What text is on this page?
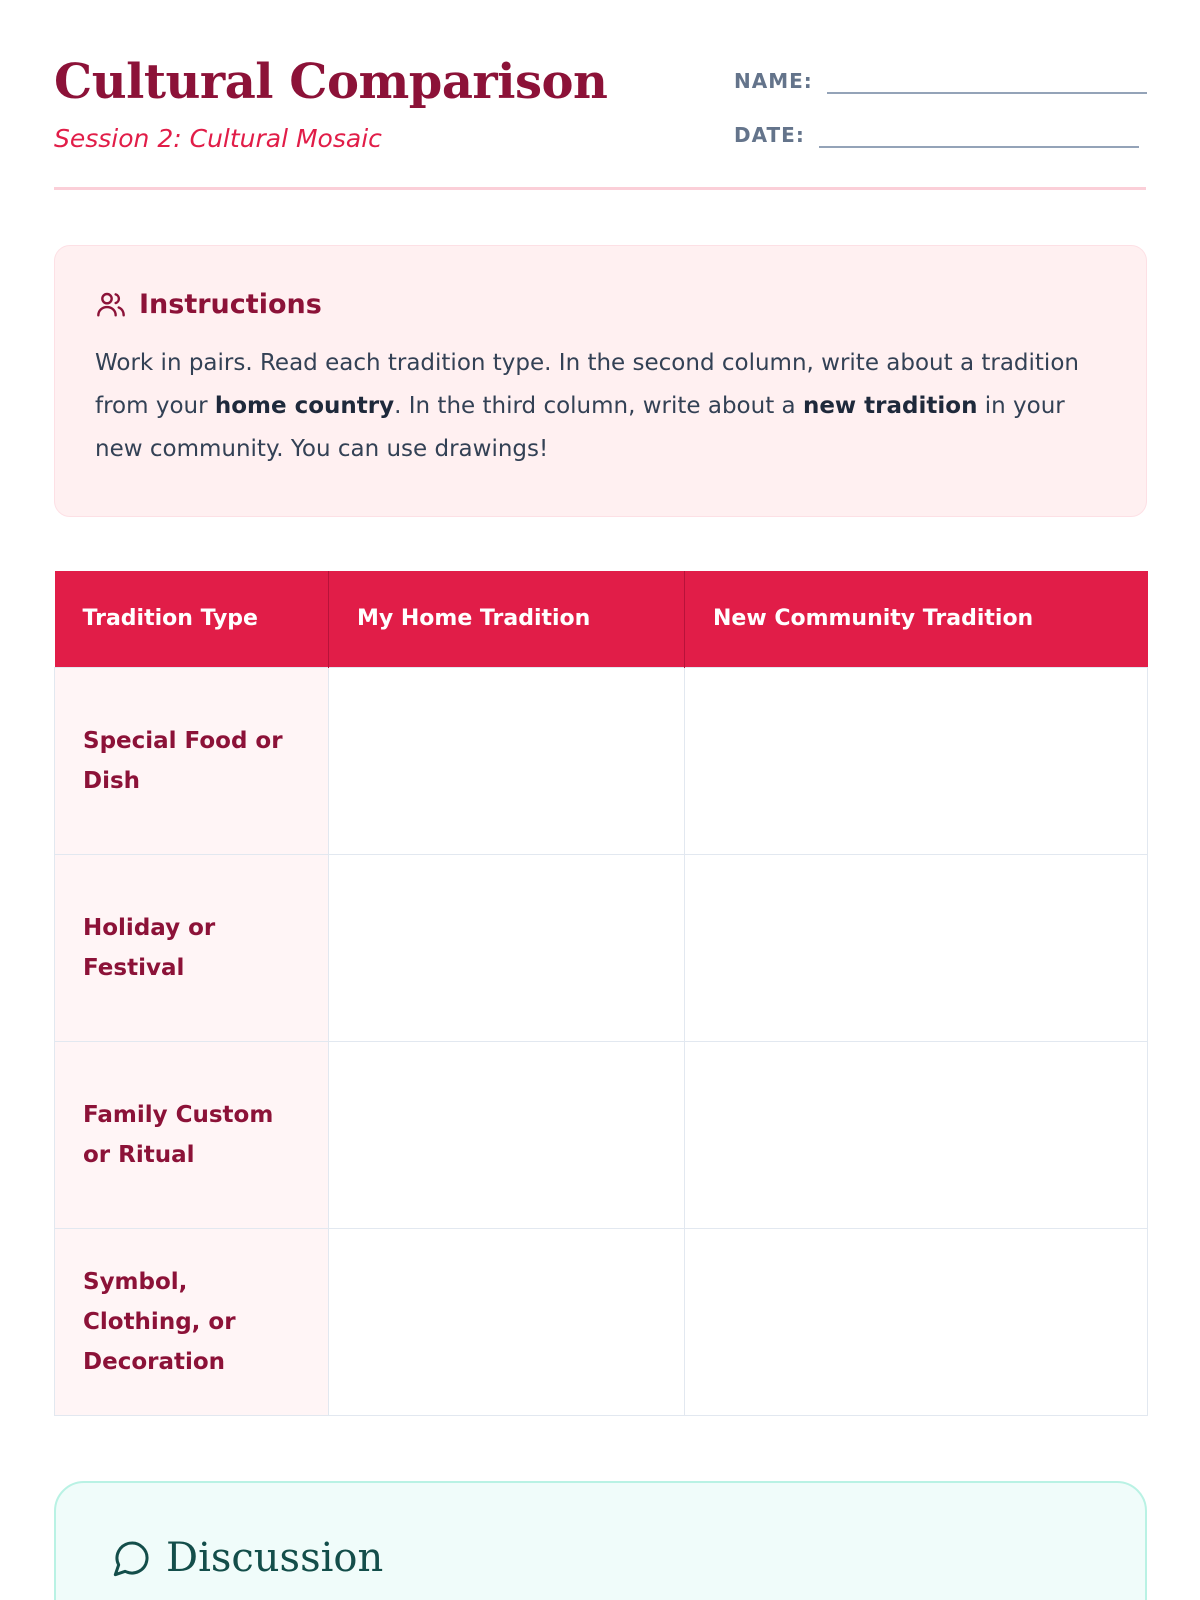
Cultural Comparison
Session 2: Cultural Mosaic
NAME:
DATE:
Instructions

Work in pairs. Read each tradition type. In the second column, write about a tradition from your home country. In the third column, write about a new tradition in your new community. You can use drawings!

Tradition Type	My Home Tradition	New Community Tradition
Special Food or Dish		
Holiday or Festival		
Family Custom or Ritual		
Symbol, Clothing, or Decoration		
Discussion
